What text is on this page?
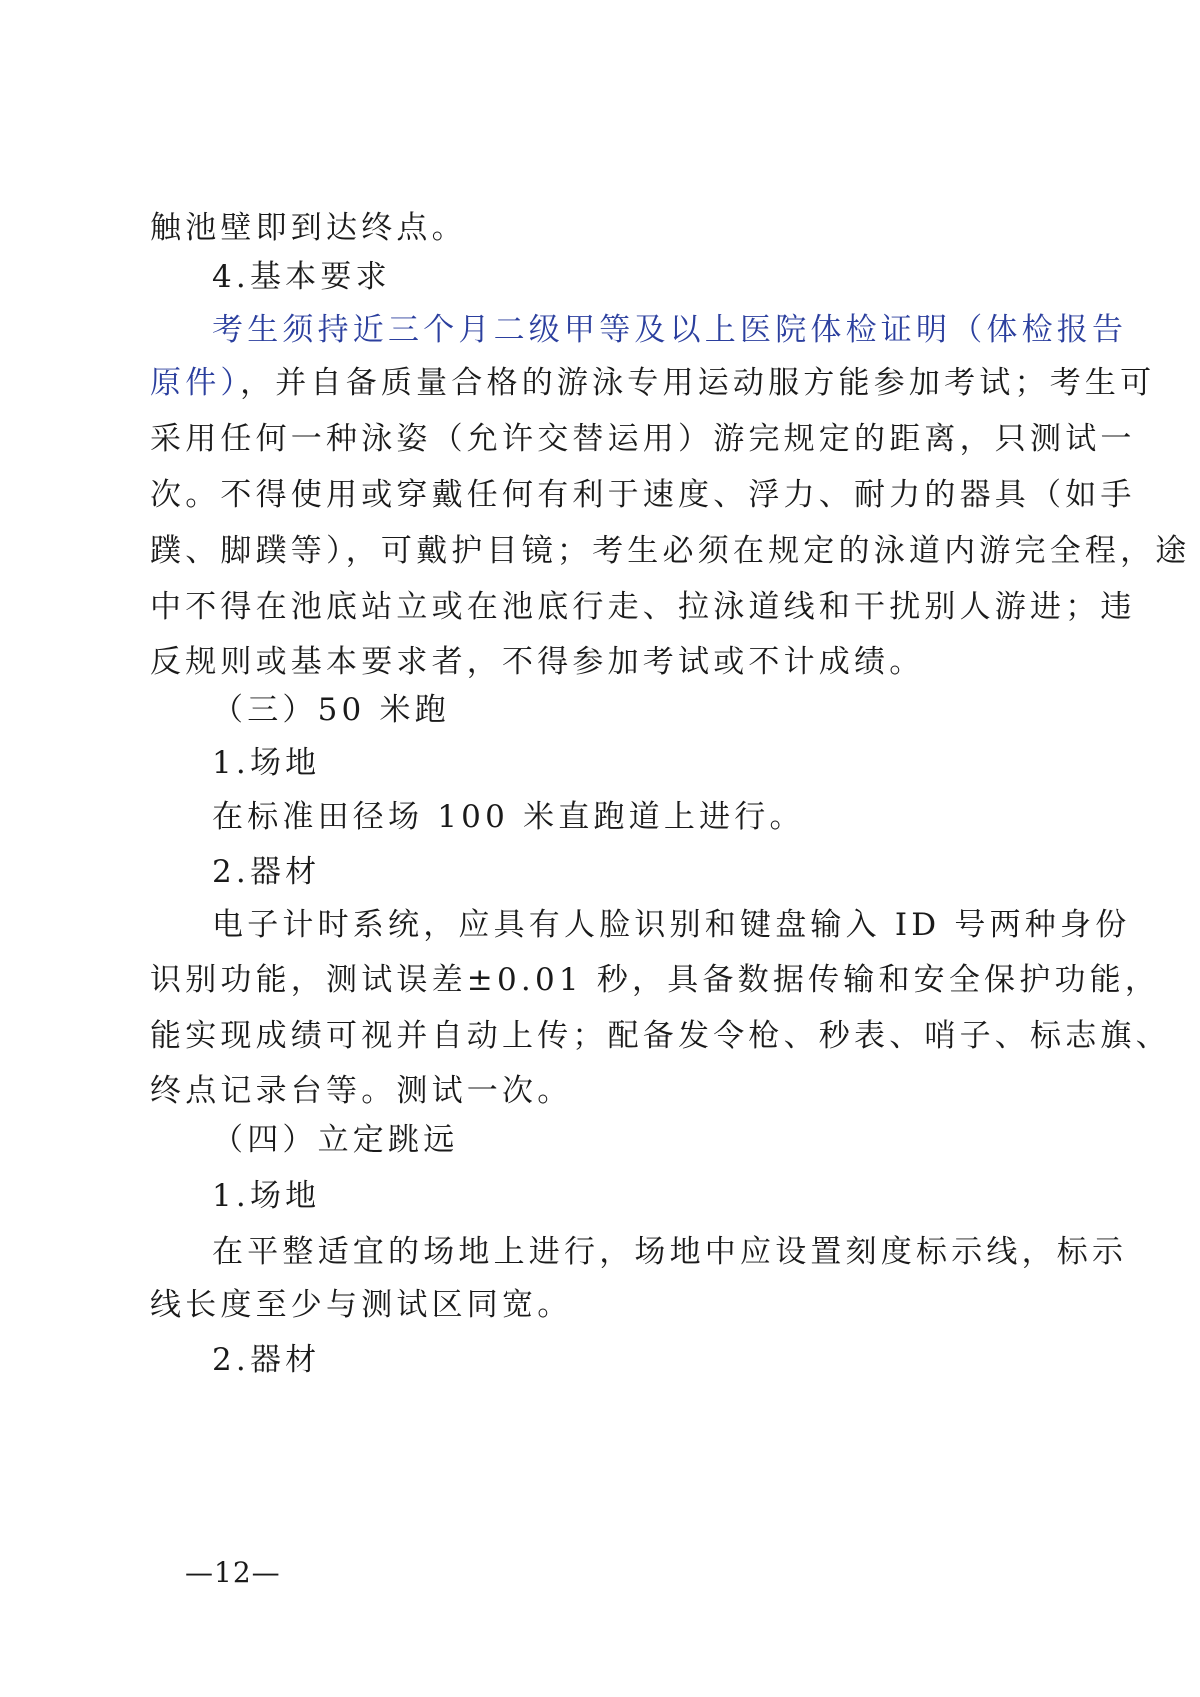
触池壁即到达终点。
4.基本要求
考生须持近三个月二级甲等及以上医院体检证明（体检报告
原件），并自备质量合格的游泳专用运动服方能参加考试；考生可
采用任何一种泳姿（允许交替运用）游完规定的距离，只测试一
次。不得使用或穿戴任何有利于速度、浮力、耐力的器具（如手
蹼、脚蹼等），可戴护目镜；考生必须在规定的泳道内游完全程，途
中不得在池底站立或在池底行走、拉泳道线和干扰别人游进；违
反规则或基本要求者，不得参加考试或不计成绩。
（三）50 米跑
1.场地
在标准田径场 100 米直跑道上进行。
2.器材
电子计时系统，应具有人脸识别和键盘输入 ID 号两种身份
识别功能，测试误差±0.01 秒，具备数据传输和安全保护功能，
能实现成绩可视并自动上传；配备发令枪、秒表、哨子、标志旗、
终点记录台等。测试一次。
（四）立定跳远
1.场地
在平整适宜的场地上进行，场地中应设置刻度标示线，标示
线长度至少与测试区同宽。
2.器材
—12—
